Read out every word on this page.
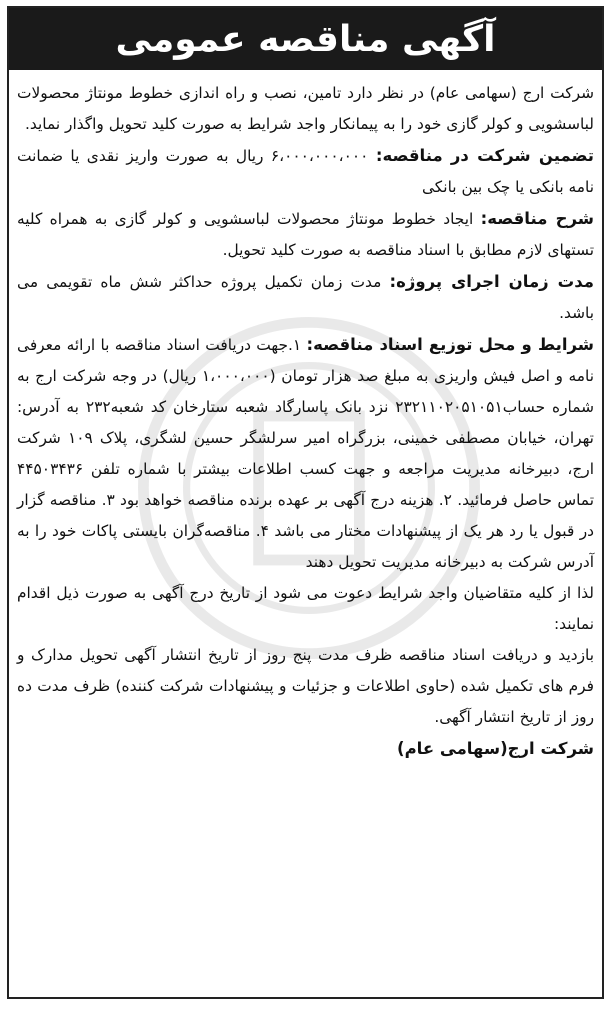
آگهی مناقصه عمومی

شرکت ارج (سهامی عام) در نظر دارد تامین، نصب و راه اندازی خطوط مونتاژ محصولات لباسشویی و کولر گازی خود را به پیمانکار واجد شرایط به صورت کلید تحویل واگذار نماید.

تضمین شرکت در مناقصه: ۶،۰۰۰،۰۰۰،۰۰۰ ریال به صورت واریز نقدی یا ضمانت نامه بانکی یا چک بین بانکی

شرح مناقصه: ایجاد خطوط مونتاژ محصولات لباسشویی و کولر گازی به همراه کلیه تستهای لازم مطابق با اسناد مناقصه به صورت کلید تحویل.

مدت زمان اجرای پروژه: مدت زمان تکمیل پروژه حداکثر شش ماه تقویمی می باشد.

شرایط و محل توزیع اسناد مناقصه: ۱.جهت دریافت اسناد مناقصه با ارائه معرفی نامه و اصل فیش واریزی به مبلغ صد هزار تومان (۱،۰۰۰،۰۰۰ ریال) در وجه شرکت ارج به شماره حساب۲۳۲۱۱۰۲۰۵۱۰۵۱ نزد بانک پاسارگاد شعبه ستارخان کد شعبه۲۳۲ به آدرس: تهران، خیابان مصطفی خمینی، بزرگراه امیر سرلشگر حسین لشگری، پلاک ۱۰۹ شرکت ارج، دبیرخانه مدیریت مراجعه و جهت کسب اطلاعات بیشتر با شماره تلفن ۴۴۵۰۳۴۳۶ تماس حاصل فرمائید. ۲. هزینه درج آگهی بر عهده برنده مناقصه خواهد بود ۳. مناقصه گزار در قبول یا رد هر یک از پیشنهادات مختار می باشد ۴. مناقصه‌گران بایستی پاکات خود را به آدرس شرکت به دبیرخانه مدیریت تحویل دهند

لذا از کلیه متقاضیان واجد شرایط دعوت می شود از تاریخ درج آگهی به صورت ذیل اقدام نمایند:

بازدید و دریافت اسناد مناقصه ظرف مدت پنج روز از تاریخ انتشار آگهی تحویل مدارک و فرم های تکمیل شده (حاوی اطلاعات و جزئیات و پیشنهادات شرکت کننده) ظرف مدت ده روز از تاریخ انتشار آگهی.

شرکت ارج(سهامی عام)
